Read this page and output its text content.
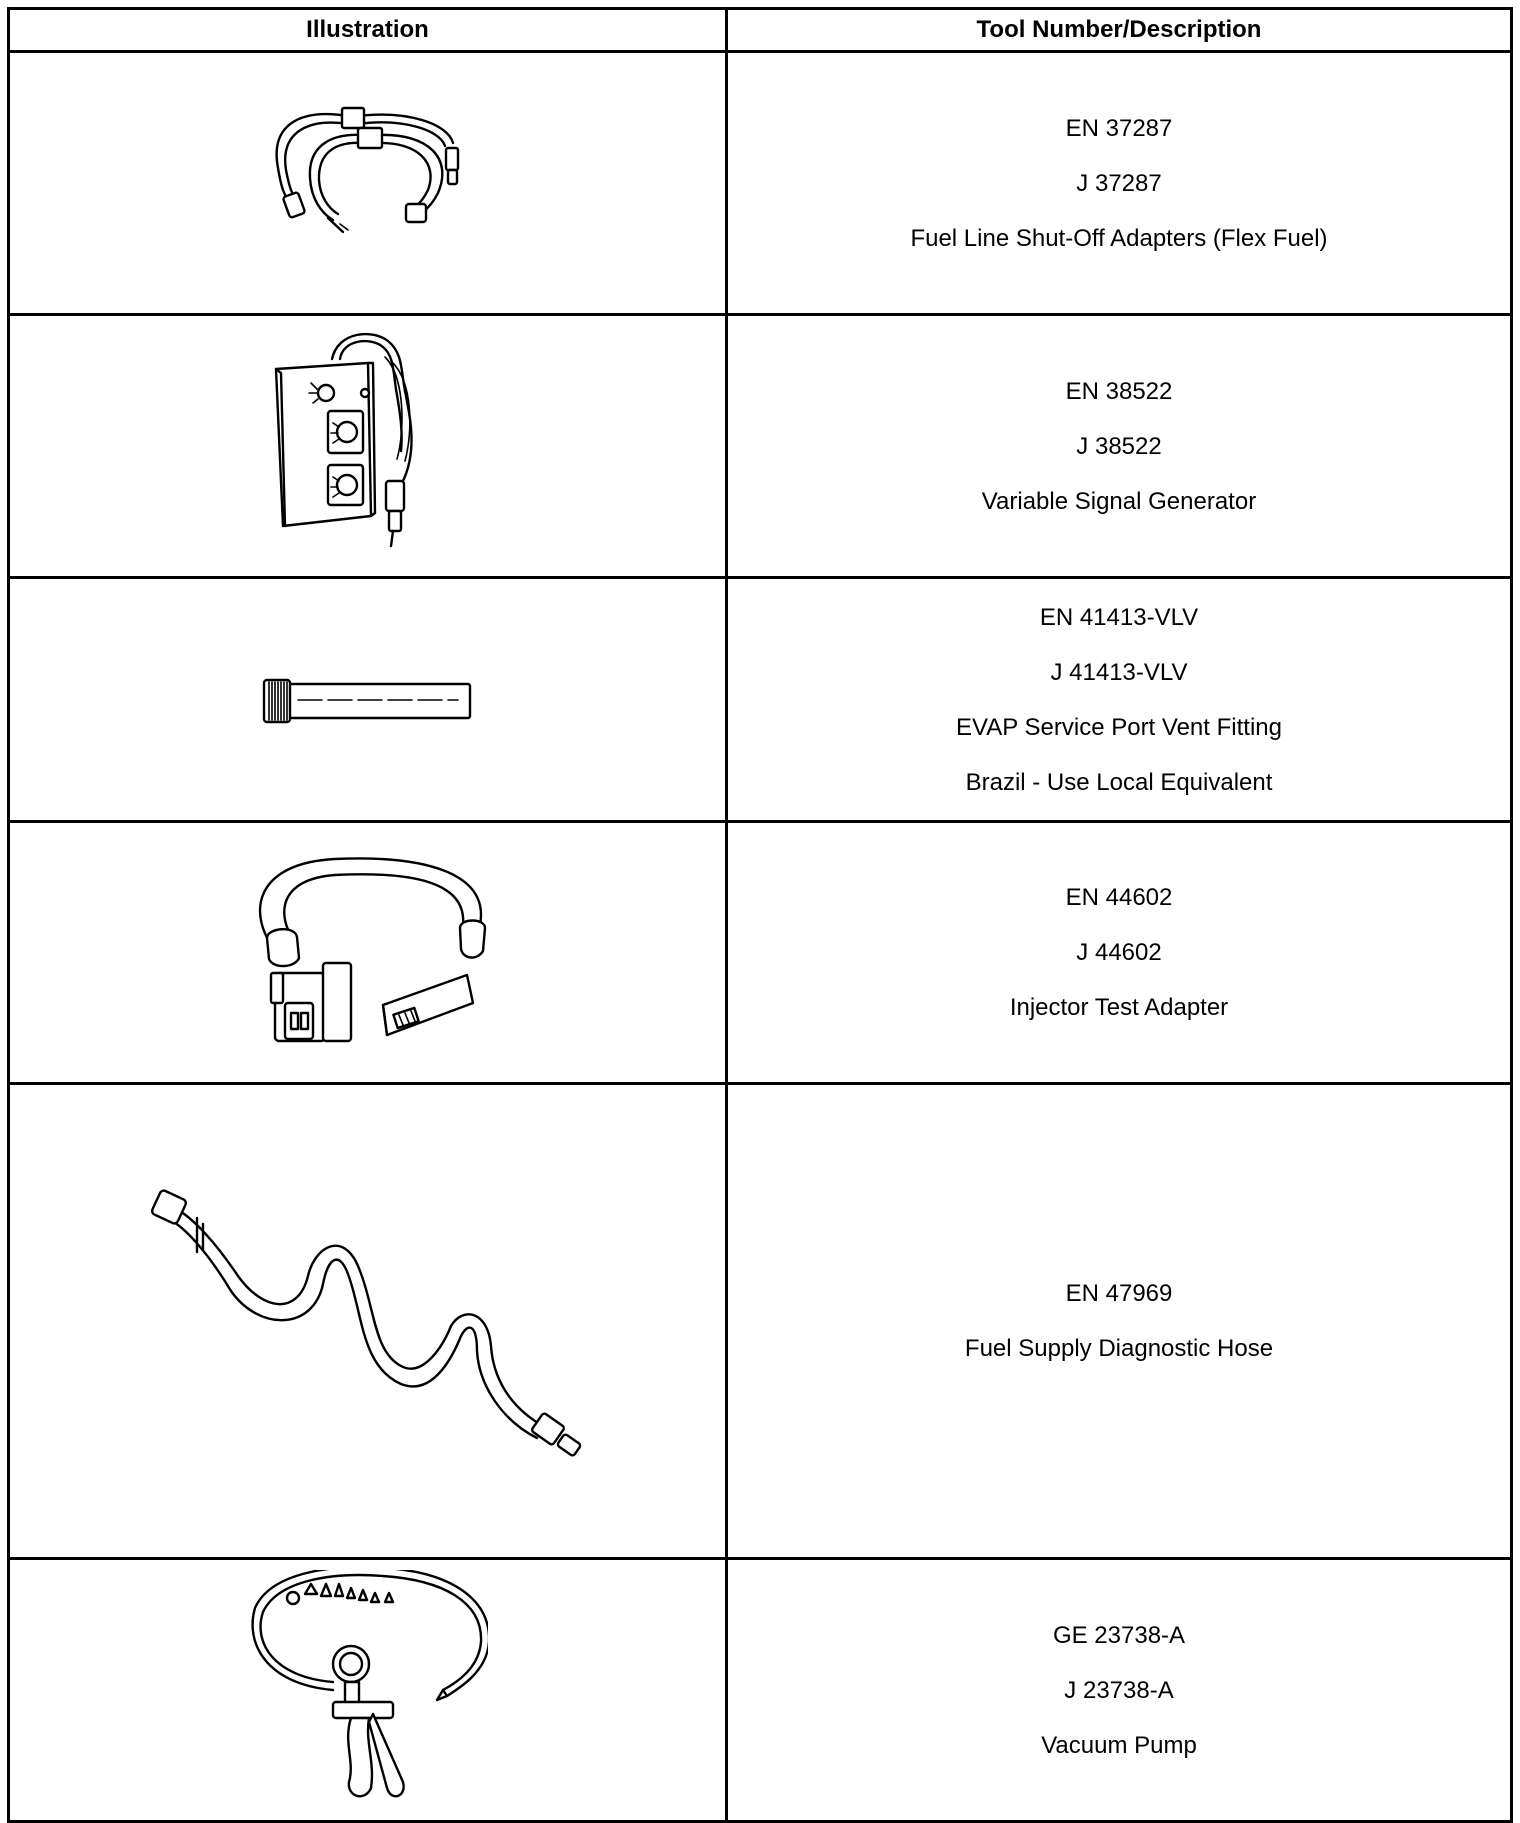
Illustration	Tool Number/Description

EN 37287
J 37287
Fuel Line Shut-Off Adapters (Flex Fuel)

EN 38522
J 38522
Variable Signal Generator

EN 41413-VLV
J 41413-VLV
EVAP Service Port Vent Fitting
Brazil - Use Local Equivalent

EN 44602
J 44602
Injector Test Adapter

EN 47969
Fuel Supply Diagnostic Hose

GE 23738-A
J 23738-A
Vacuum Pump
